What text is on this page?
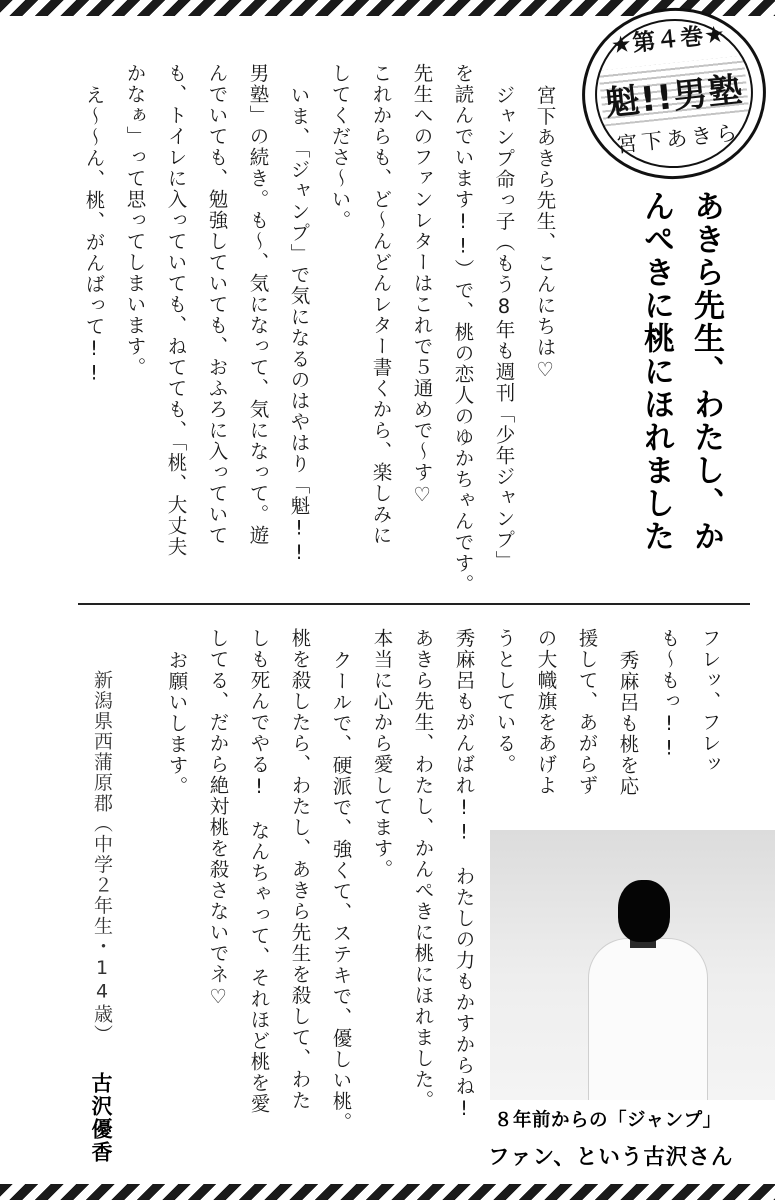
★第４巻★
魁!!男塾
宮下あきら
あきら先生、わたし、か
んぺきに桃にほれました
宮下あきら先生、こんにちは♡
ジャンプ命っ子（もう8年も週刊「少年ジャンプ」
を読んでいます!!）で、桃の恋人のゆかちゃんです。
先生へのファンレターはこれで５通めで～す♡
これからも、ど～んどんレター書くから、楽しみに
してくださ～い。
いま、「ジャンプ」で気になるのはやはり「魁!!
男塾」の続き。も～、気になって、気になって。遊
んでいても、勉強していても、おふろに入っていて
も、トイレに入っていても、ねてても、「桃、大丈夫
かなぁ」って思ってしまいます。
え～～ん、桃、がんばって!!
フレッ、フレッ
も～もっ!!
秀麻呂も桃を応
援して、あがらず
の大幟旗をあげよ
うとしている。
秀麻呂もがんばれ!!　わたしの力もかすからね!
あきら先生、わたし、かんぺきに桃にほれました。
本当に心から愛してます。
クールで、硬派で、強くて、ステキで、優しい桃。
桃を殺したら、わたし、あきら先生を殺して、わた
しも死んでやる!　なんちゃって、それほど桃を愛
してる、だから絶対桃を殺さないでネ♡
お願いします。
新潟県西蒲原郡（中学２年生・14歳）
古沢優香	８年前からの「ジャンプ」
ファン、という古沢さん
